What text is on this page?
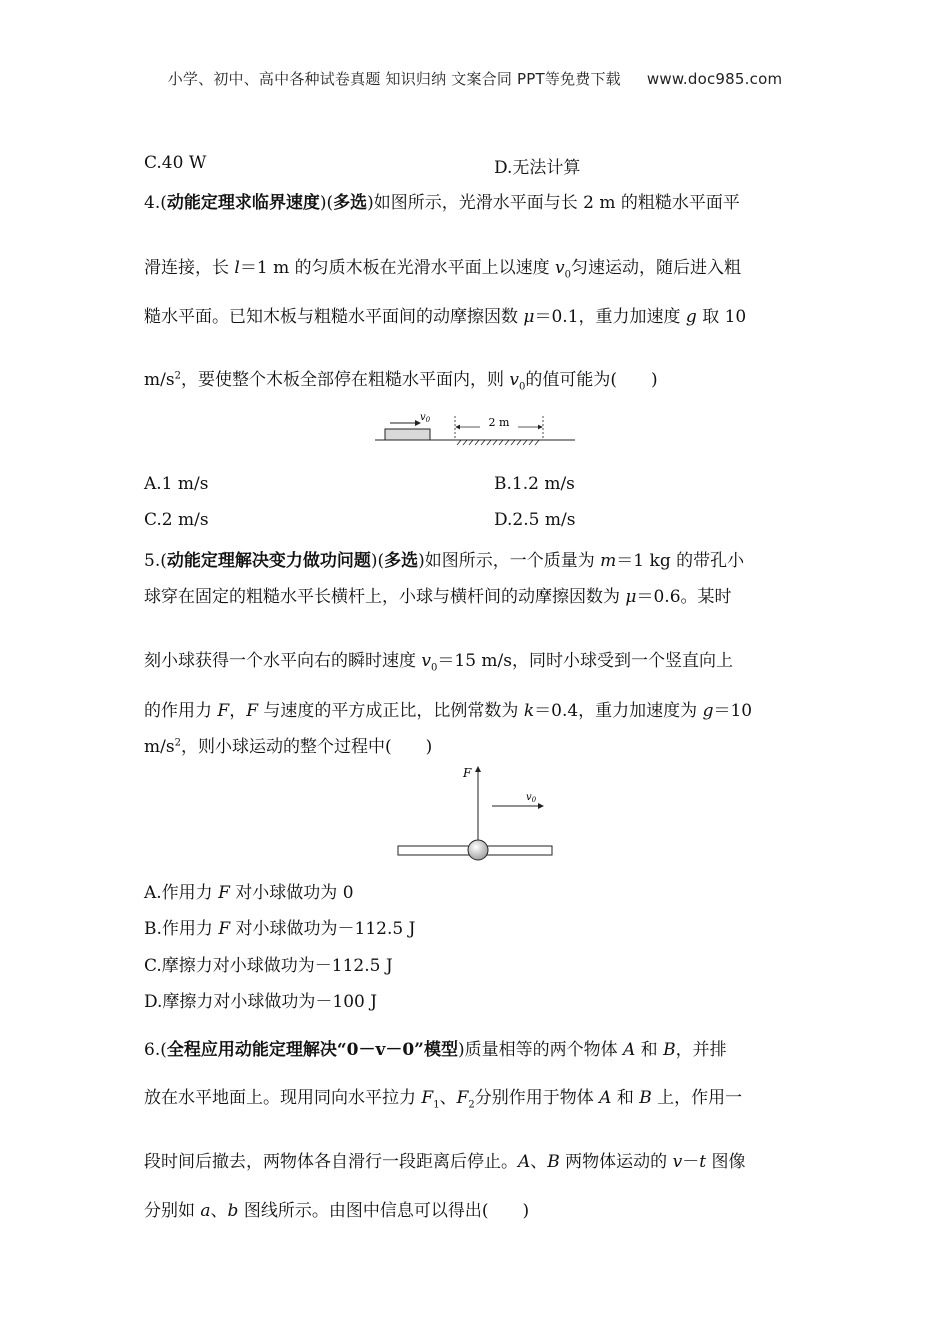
小学、初中、高中各种试卷真题 知识归纳 文案合同 PPT等免费下载 www.doc985.com
C.40 W	D.无法计算
4.(动能定理求临界速度)(多选)如图所示，光滑水平面与长 2 m 的粗糙水平面平
滑连接，长 l＝1 m 的匀质木板在光滑水平面上以速度 $v_0$匀速运动，随后进入粗
糙水平面。已知木板与粗糙水平面间的动摩擦因数 μ＝0.1，重力加速度 g 取 10
$m/s^2$，要使整个木板全部停在粗糙水平面内，则 $v_0$的值可能为(　　)
$v_0$	2 m
A.1 m/s	B.1.2 m/s
C.2 m/s	D.2.5 m/s
5.(动能定理解决变力做功问题)(多选)如图所示，一个质量为 m＝1 kg 的带孔小
球穿在固定的粗糙水平长横杆上，小球与横杆间的动摩擦因数为 μ＝0.6。某时
刻小球获得一个水平向右的瞬时速度 $v_0=15$ m/s，同时小球受到一个竖直向上
的作用力 F，F 与速度的平方成正比，比例常数为 k＝0.4，重力加速度为 g＝10
$m/s^2$，则小球运动的整个过程中(　　)
F
$v_0$
A.作用力 F 对小球做功为 0
B.作用力 F 对小球做功为－112.5 J
C.摩擦力对小球做功为－112.5 J
D.摩擦力对小球做功为－100 J
6.(全程应用动能定理解决“0－v－0”模型)质量相等的两个物体 A 和 B，并排
放在水平地面上。现用同向水平拉力 $F_1$、$F_2$分别作用于物体 A 和 B 上，作用一
段时间后撤去，两物体各自滑行一段距离后停止。A、B 两物体运动的 v－t 图像
分别如 a、b 图线所示。由图中信息可以得出(　　)
